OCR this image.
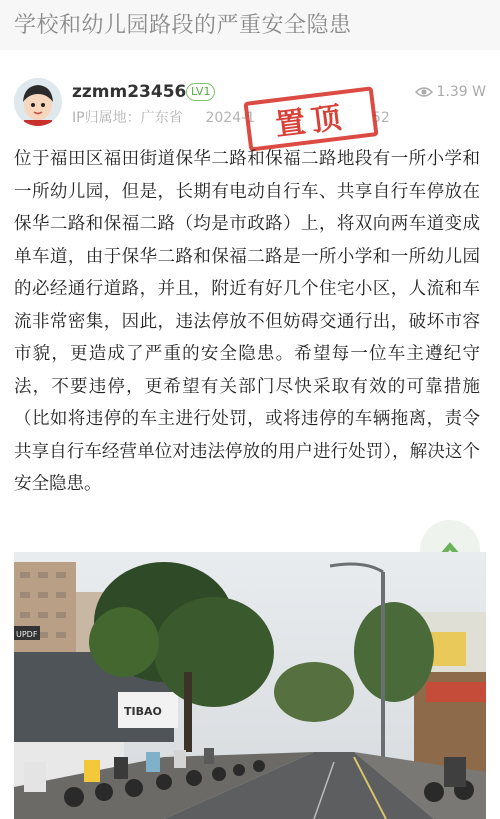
学校和幼儿园路段的严重安全隐患
zzmm23456 LV1
IP归属地：广东省 2024-1	52
1.39 W
置顶
位于福田区福田街道保华二路和保福二路地段有一所小学和一所幼儿园，但是，长期有电动自行车、共享自行车停放在保华二路和保福二路（均是市政路）上，将双向两车道变成单车道，由于保华二路和保福二路是一所小学和一所幼儿园的必经通行道路，并且，附近有好几个住宅小区，人流和车流非常密集，因此，违法停放不但妨碍交通行出，破坏市容市貌，更造成了严重的安全隐患。希望每一位车主遵纪守法，不要违停，更希望有关部门尽快采取有效的可靠措施（比如将违停的车主进行处罚，或将违停的车辆拖离，责令共享自行车经营单位对违法停放的用户进行处罚），解决这个安全隐患。
TIBAO
UPDF
